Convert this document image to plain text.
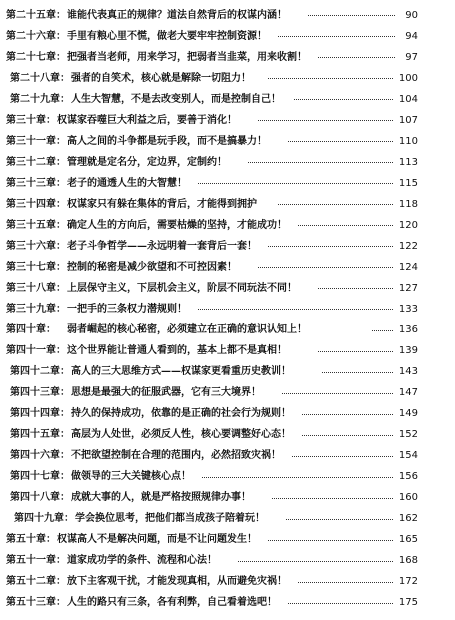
第二十五章： 谁能代表真正的规律？道法自然背后的权谋内涵！	90
第二十六章： 手里有粮心里不慌，做老大要牢牢控制资源！	94
第二十七章： 把强者当老师，用来学习，把弱者当韭菜，用来收割！	97
第二十八章： 强者的自笑术，核心就是解除一切阻力！	100
第二十九章： 人生大智慧，不是去改变别人，而是控制自己！	104
第三十章： 权谋家吞噬巨大利益之后，要善于消化！	107
第三十一章： 高人之间的斗争都是玩手段，而不是搞暴力！	110
第三十二章： 管理就是定名分，定边界，定制约！	113
第三十三章： 老子的通透人生的大智慧！	115
第三十四章： 权谋家只有躲在集体的背后，才能得到拥护	118
第三十五章： 确定人生的方向后，需要枯燥的坚持，才能成功！	120
第三十六章： 老子斗争哲学——永远明着一套背后一套！	122
第三十七章： 控制的秘密是减少欲望和不可控因素！	124
第三十八章： 上层保守主义，下层机会主义，阶层不同玩法不同！	127
第三十九章： 一把手的三条权力潜规则！	133
第四十章： 弱者崛起的核心秘密，必须建立在正确的意识认知上！	136
第四十一章： 这个世界能让普通人看到的，基本上都不是真相！	139
第四十二章： 高人的三大思维方式——权谋家更看重历史教训！	143
第四十三章： 思想是最强大的征服武器，它有三大境界！	147
第四十四章： 持久的保持成功，依靠的是正确的社会行为规则！	149
第四十五章： 高层为人处世，必须反人性，核心要调整好心态！	152
第四十六章： 不把欲望控制在合理的范围内，必然招致灾祸！	154
第四十七章： 做领导的三大关键核心点！	156
第四十八章： 成就大事的人，就是严格按照规律办事！	160
第四十九章： 学会换位思考，把他们都当成孩子陪着玩！	162
第五十章： 权谋高人不是解决问题，而是不让问题发生！	165
第五十一章： 道家成功学的条件、流程和心法！	168
第五十二章： 放下主客观干扰，才能发现真相，从而避免灾祸！	172
第五十三章： 人生的路只有三条，各有利弊，自己看着选吧！	175
